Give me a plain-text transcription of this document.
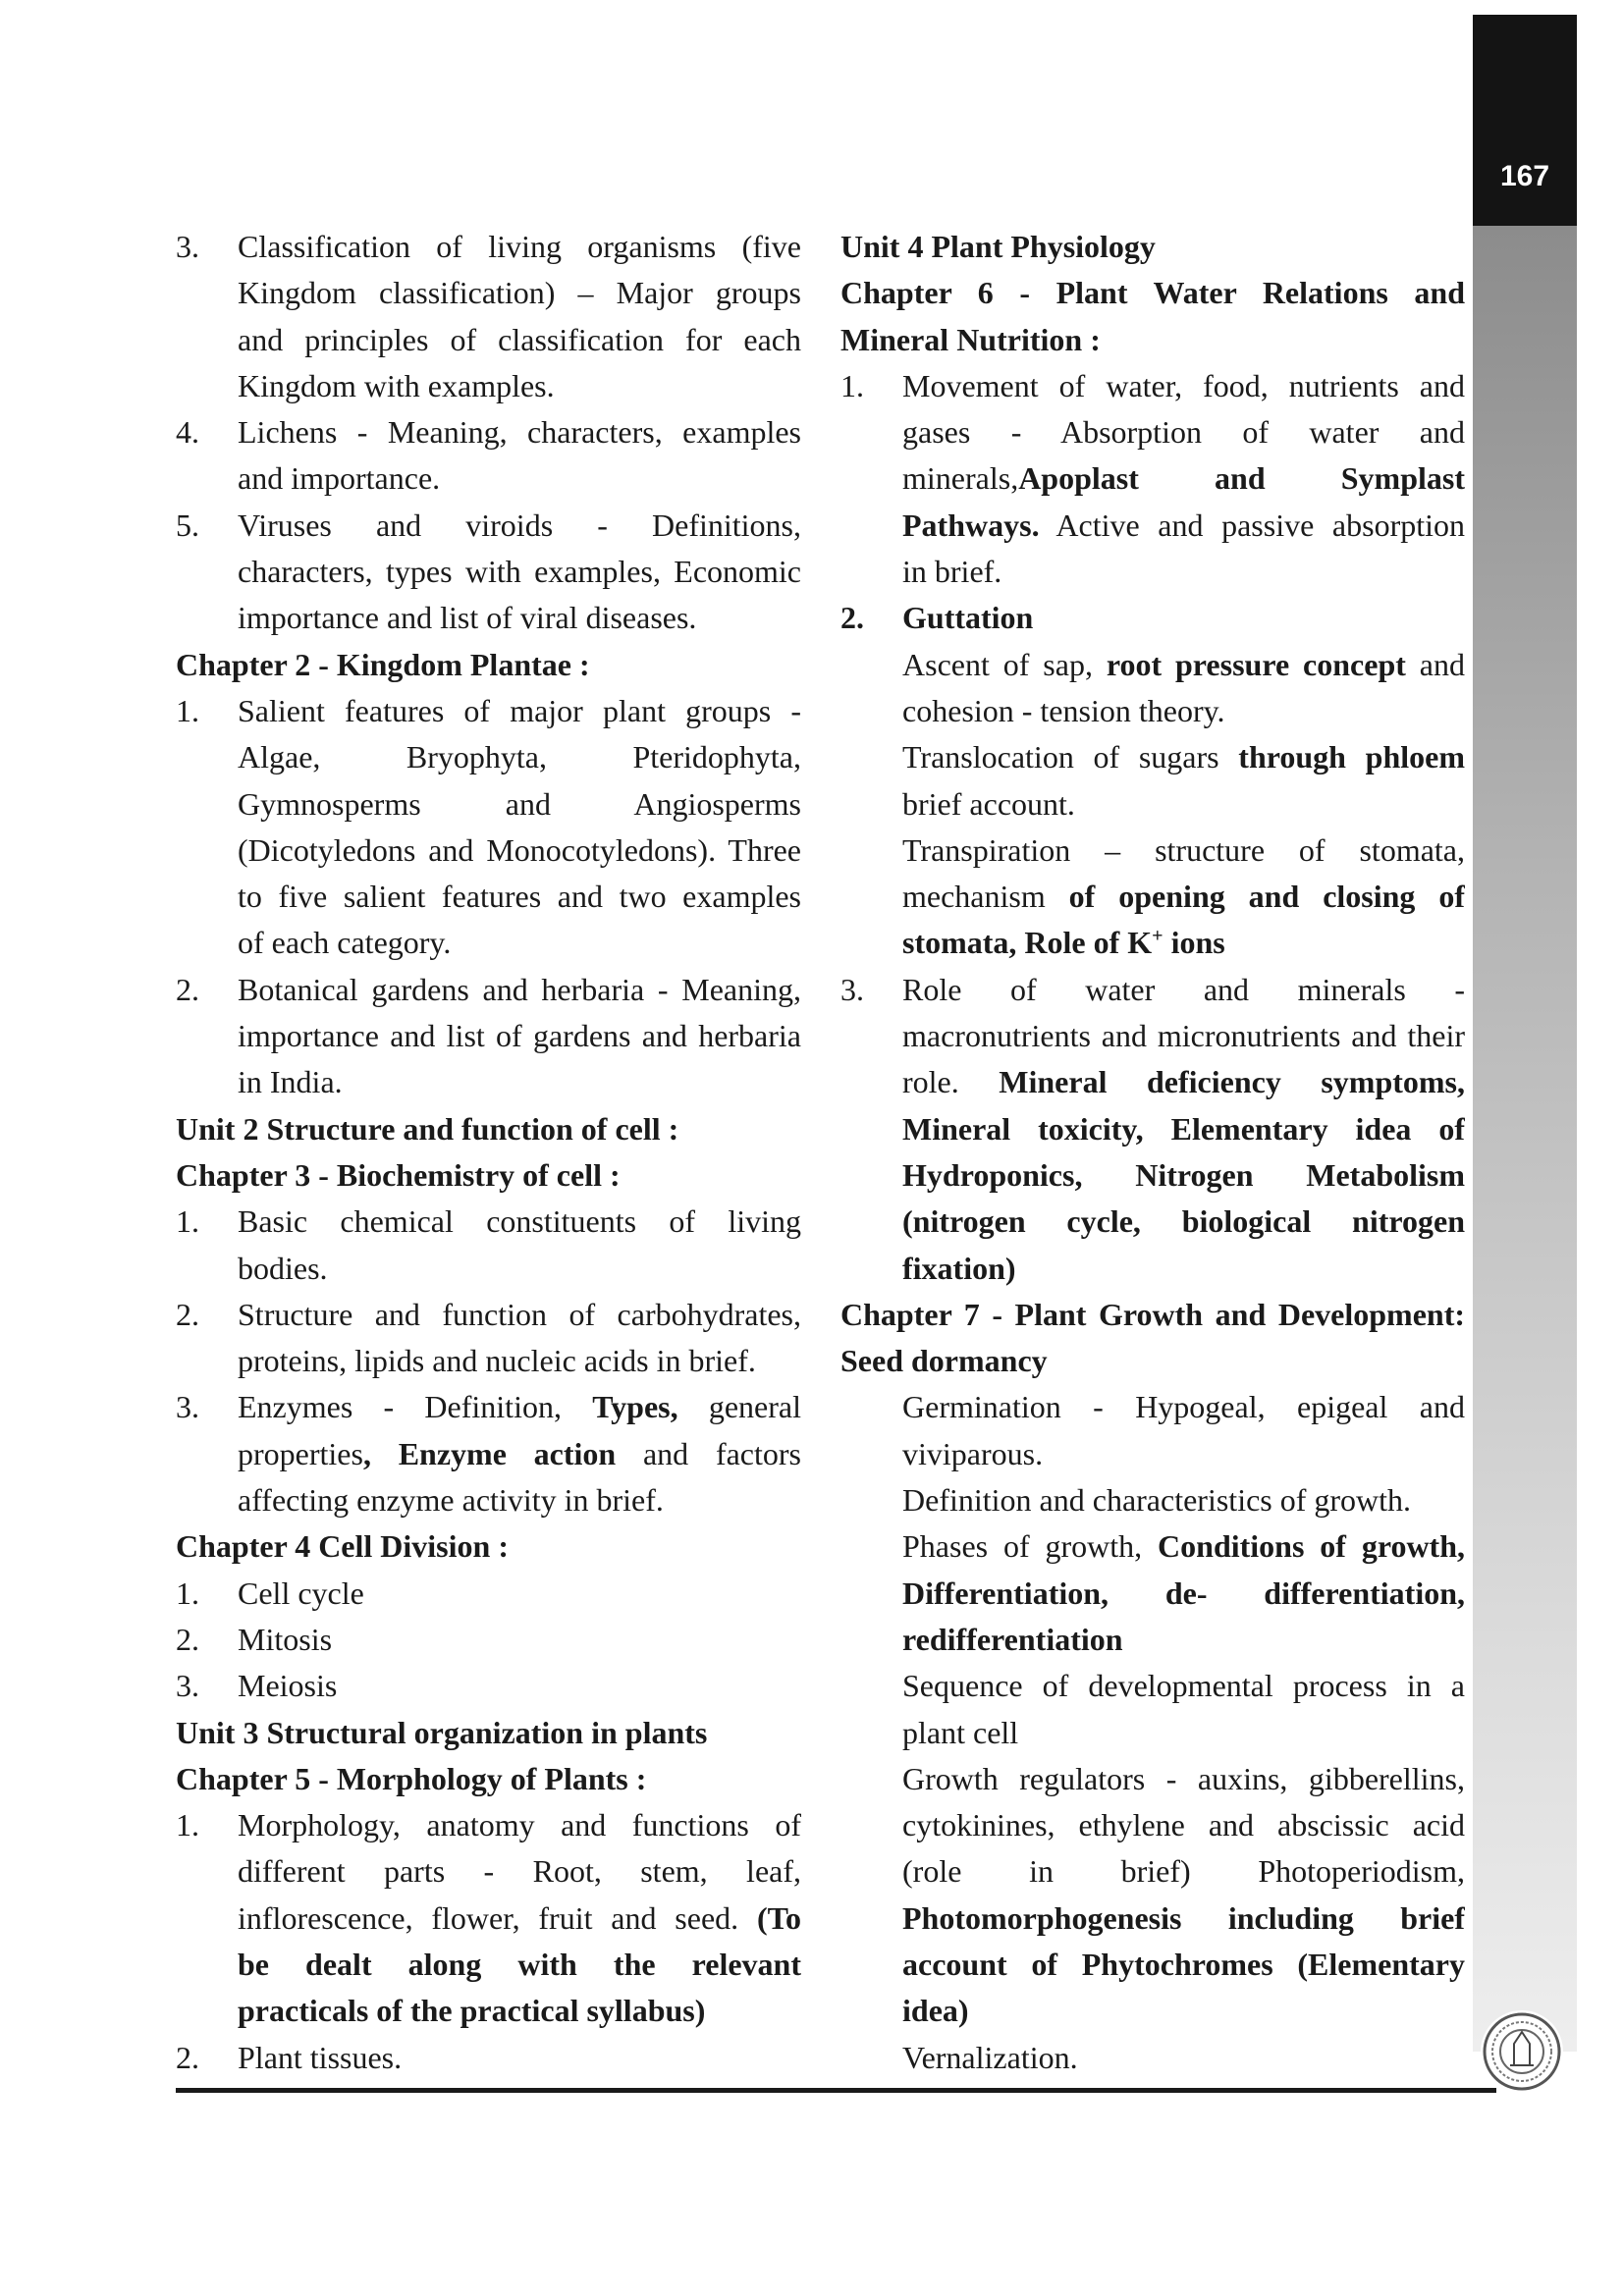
167
3.	Classification of living organisms (five
Kingdom classification) – Major groups
and principles of classification for each
Kingdom with examples.
4.	Lichens - Meaning, characters, examples
and importance.
5.	Viruses and viroids - Definitions,
characters, types with examples, Economic
importance and list of viral diseases.
Chapter 2 - Kingdom Plantae :
1.	Salient features of major plant groups -
Algae, Bryophyta, Pteridophyta,
Gymnosperms and Angiosperms
(Dicotyledons and Monocotyledons). Three
to five salient features and two examples
of each category.
2.	Botanical gardens and herbaria - Meaning,
importance and list of gardens and herbaria
in India.
Unit 2 Structure and function of cell :
Chapter 3 - Biochemistry of cell :
1.	Basic chemical constituents of living
bodies.
2.	Structure and function of carbohydrates,
proteins, lipids and nucleic acids in brief.
3.	Enzymes - Definition, Types, general
properties, Enzyme action and factors
affecting enzyme activity in brief.
Chapter 4 Cell Division :
1.	Cell cycle
2.	Mitosis
3.	Meiosis
Unit 3 Structural organization in plants
Chapter 5 - Morphology of Plants :
1.	Morphology, anatomy and functions of
different parts - Root, stem, leaf,
inflorescence, flower, fruit and seed. (To
be dealt along with the relevant
practicals of the practical syllabus)
2.	Plant tissues.
Unit 4 Plant Physiology
Chapter 6 - Plant Water Relations and
Mineral Nutrition :
1.	Movement of water, food, nutrients and
gases - Absorption of water and
minerals,Apoplast and Symplast
Pathways. Active and passive absorption
in brief.
2.	Guttation
Ascent of sap, root pressure concept and
cohesion - tension theory.
Translocation of sugars through phloem
brief account.
Transpiration – structure of stomata,
mechanism of opening and closing of
stomata, Role of K+ ions
3.	Role of water and minerals -
macronutrients and micronutrients and their
role. Mineral deficiency symptoms,
Mineral toxicity, Elementary idea of
Hydroponics, Nitrogen Metabolism
(nitrogen cycle, biological nitrogen
fixation)
Chapter 7 - Plant Growth and Development:
Seed dormancy
Germination - Hypogeal, epigeal and
viviparous.
Definition and characteristics of growth.
Phases of growth, Conditions of growth,
Differentiation, de- differentiation,
redifferentiation
Sequence of developmental process in a
plant cell
Growth regulators - auxins, gibberellins,
cytokinines, ethylene and abscissic acid
(role in brief) Photoperiodism,
Photomorphogenesis including brief
account of Phytochromes (Elementary
idea)
Vernalization.
